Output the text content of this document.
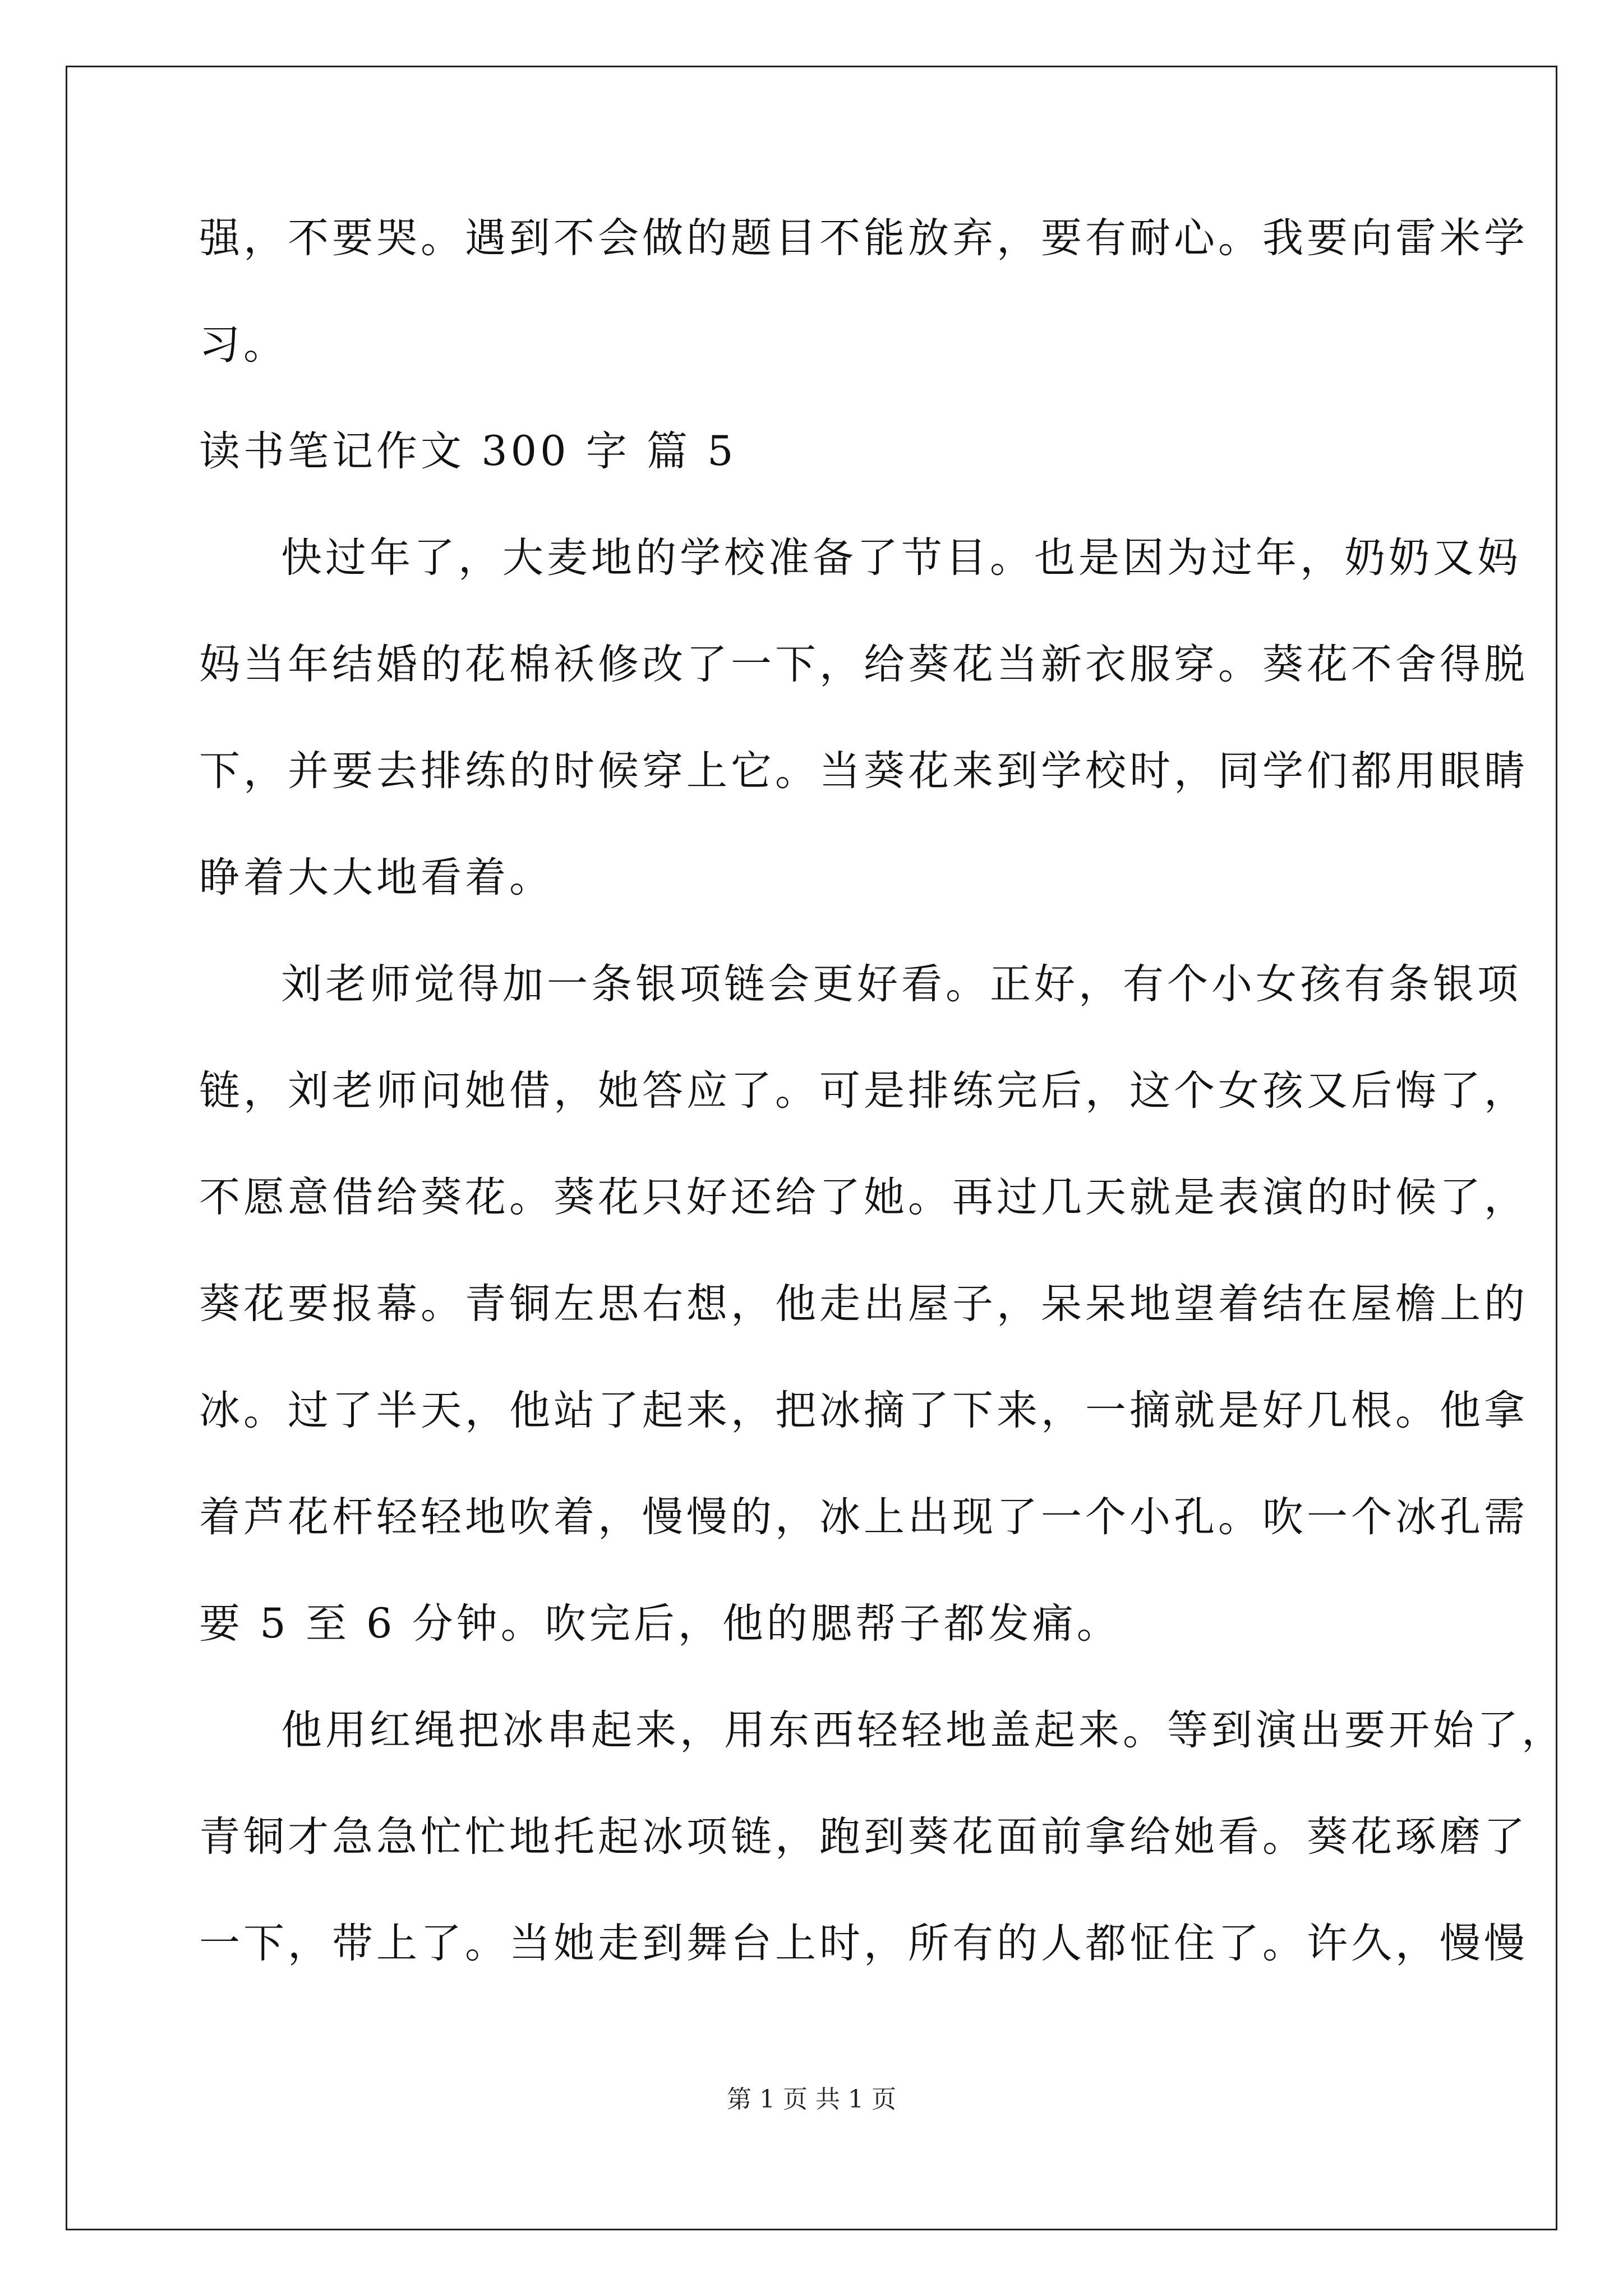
强，不要哭。遇到不会做的题目不能放弃，要有耐心。我要向雷米学
习。
读书笔记作文 300 字 篇 5
快过年了，大麦地的学校准备了节目。也是因为过年，奶奶又妈
妈当年结婚的花棉袄修改了一下，给葵花当新衣服穿。葵花不舍得脱
下，并要去排练的时候穿上它。当葵花来到学校时，同学们都用眼睛
睁着大大地看着。
刘老师觉得加一条银项链会更好看。正好，有个小女孩有条银项
链，刘老师问她借，她答应了。可是排练完后，这个女孩又后悔了，
不愿意借给葵花。葵花只好还给了她。再过几天就是表演的时候了，
葵花要报幕。青铜左思右想，他走出屋子，呆呆地望着结在屋檐上的
冰。过了半天，他站了起来，把冰摘了下来，一摘就是好几根。他拿
着芦花杆轻轻地吹着，慢慢的，冰上出现了一个小孔。吹一个冰孔需
要 5 至 6 分钟。吹完后，他的腮帮子都发痛。
他用红绳把冰串起来，用东西轻轻地盖起来。等到演出要开始了，
青铜才急急忙忙地托起冰项链，跑到葵花面前拿给她看。葵花琢磨了
一下，带上了。当她走到舞台上时，所有的人都怔住了。许久，慢慢
第 1 页 共 1 页
